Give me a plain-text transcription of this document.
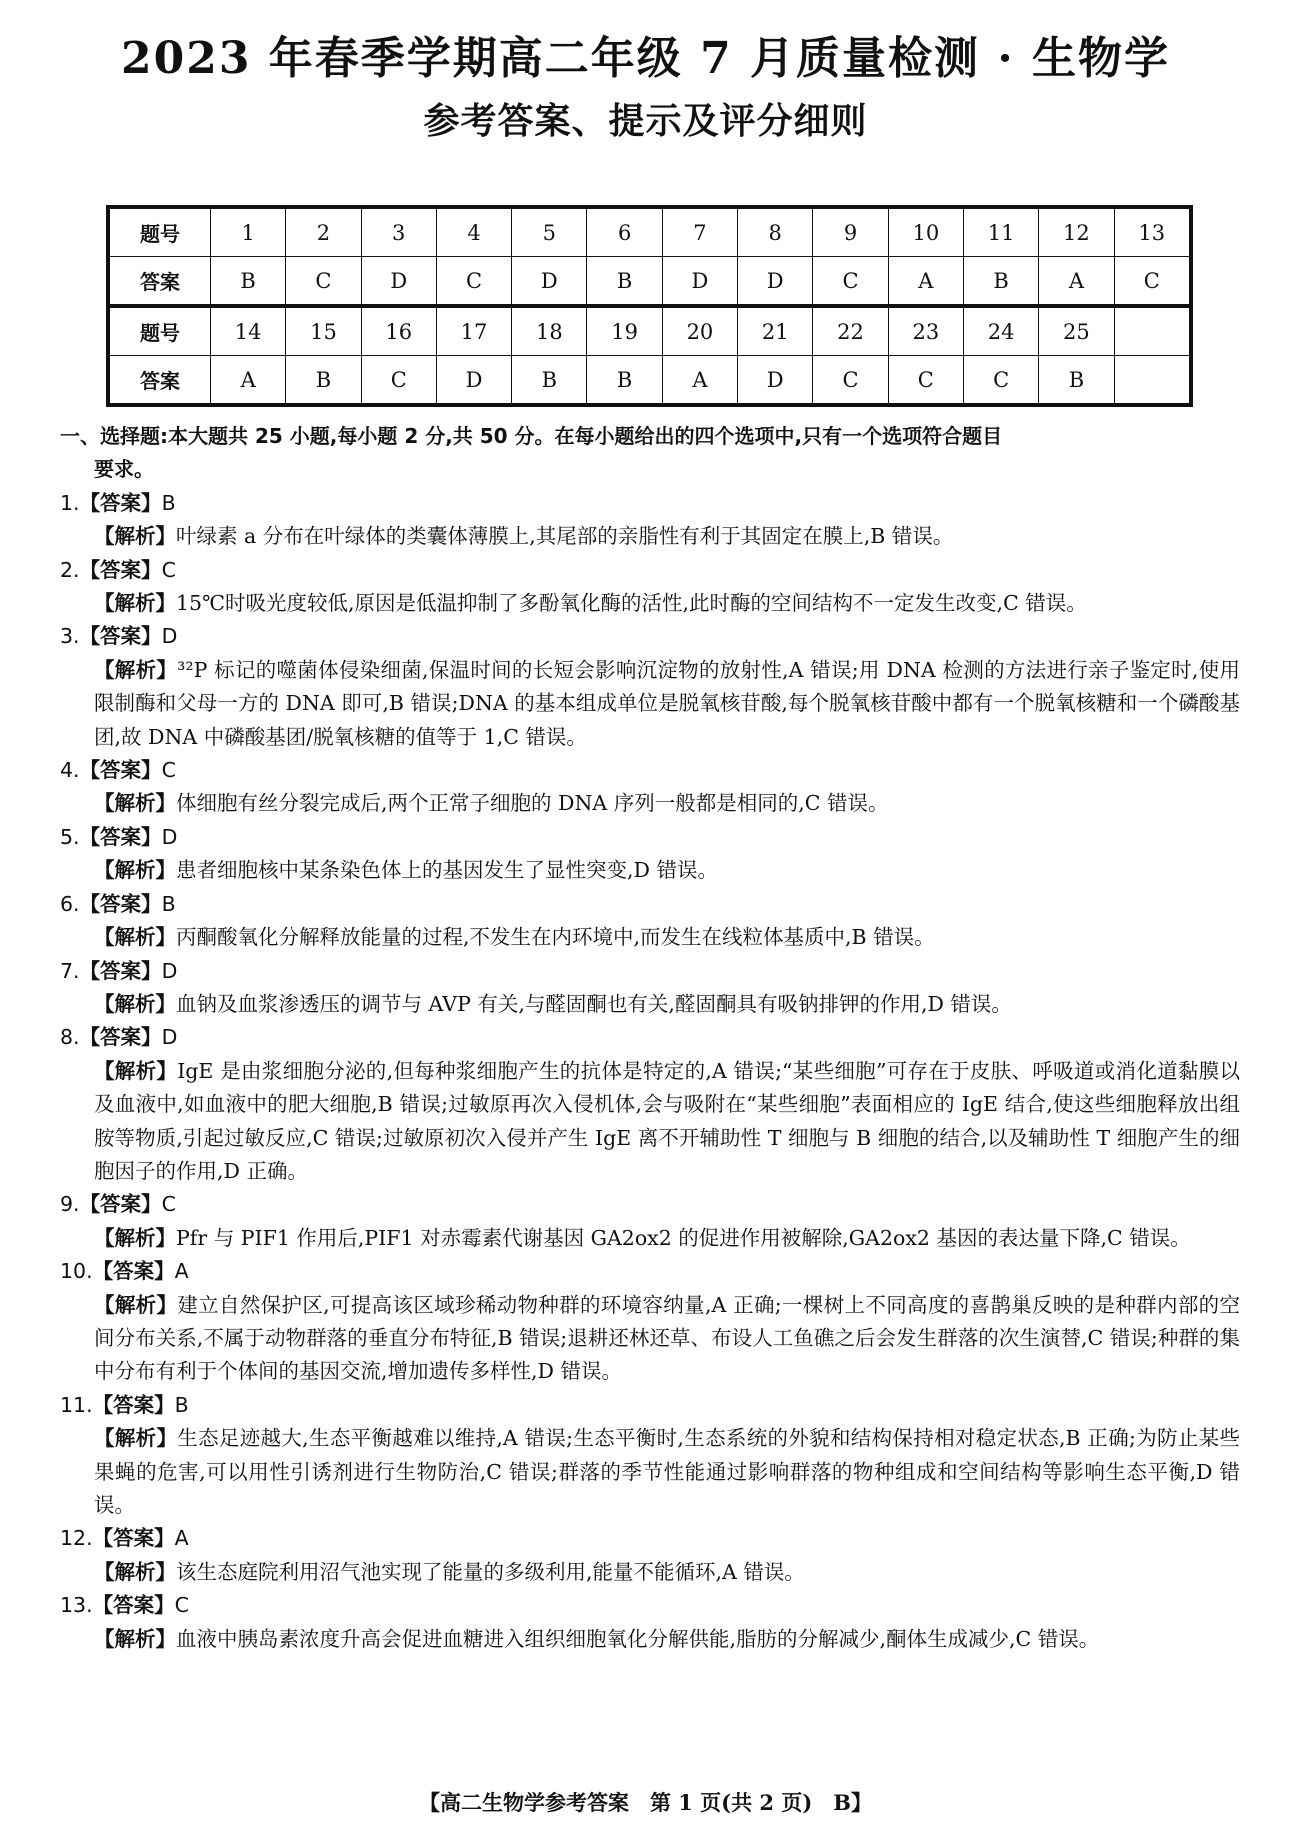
2023 年春季学期高二年级 7 月质量检测 · 生物学
参考答案、提示及评分细则
题号	1	2	3	4	5	6	7	8	9	10	11	12	13
答案	B	C	D	C	D	B	D	D	C	A	B	A	C
题号	14	15	16	17	18	19	20	21	22	23	24	25	
答案	A	B	C	D	B	B	A	D	C	C	C	B	
一、选择题:本大题共 25 小题,每小题 2 分,共 50 分。在每小题给出的四个选项中,只有一个选项符合题目
要求。
1.【答案】B
【解析】叶绿素 a 分布在叶绿体的类囊体薄膜上,其尾部的亲脂性有利于其固定在膜上,B 错误。
2.【答案】C
【解析】15℃时吸光度较低,原因是低温抑制了多酚氧化酶的活性,此时酶的空间结构不一定发生改变,C 错误。
3.【答案】D
【解析】³²P 标记的噬菌体侵染细菌,保温时间的长短会影响沉淀物的放射性,A 错误;用 DNA 检测的方法进行亲子鉴定时,使用限制酶和父母一方的 DNA 即可,B 错误;DNA 的基本组成单位是脱氧核苷酸,每个脱氧核苷酸中都有一个脱氧核糖和一个磷酸基团,故 DNA 中磷酸基团/脱氧核糖的值等于 1,C 错误。
4.【答案】C
【解析】体细胞有丝分裂完成后,两个正常子细胞的 DNA 序列一般都是相同的,C 错误。
5.【答案】D
【解析】患者细胞核中某条染色体上的基因发生了显性突变,D 错误。
6.【答案】B
【解析】丙酮酸氧化分解释放能量的过程,不发生在内环境中,而发生在线粒体基质中,B 错误。
7.【答案】D
【解析】血钠及血浆渗透压的调节与 AVP 有关,与醛固酮也有关,醛固酮具有吸钠排钾的作用,D 错误。
8.【答案】D
【解析】IgE 是由浆细胞分泌的,但每种浆细胞产生的抗体是特定的,A 错误;“某些细胞”可存在于皮肤、呼吸道或消化道黏膜以及血液中,如血液中的肥大细胞,B 错误;过敏原再次入侵机体,会与吸附在“某些细胞”表面相应的 IgE 结合,使这些细胞释放出组胺等物质,引起过敏反应,C 错误;过敏原初次入侵并产生 IgE 离不开辅助性 T 细胞与 B 细胞的结合,以及辅助性 T 细胞产生的细胞因子的作用,D 正确。
9.【答案】C
【解析】Pfr 与 PIF1 作用后,PIF1 对赤霉素代谢基因 GA2ox2 的促进作用被解除,GA2ox2 基因的表达量下降,C 错误。
10.【答案】A
【解析】建立自然保护区,可提高该区域珍稀动物种群的环境容纳量,A 正确;一棵树上不同高度的喜鹊巢反映的是种群内部的空间分布关系,不属于动物群落的垂直分布特征,B 错误;退耕还林还草、布设人工鱼礁之后会发生群落的次生演替,C 错误;种群的集中分布有利于个体间的基因交流,增加遗传多样性,D 错误。
11.【答案】B
【解析】生态足迹越大,生态平衡越难以维持,A 错误;生态平衡时,生态系统的外貌和结构保持相对稳定状态,B 正确;为防止某些果蝇的危害,可以用性引诱剂进行生物防治,C 错误;群落的季节性能通过影响群落的物种组成和空间结构等影响生态平衡,D 错误。
12.【答案】A
【解析】该生态庭院利用沼气池实现了能量的多级利用,能量不能循环,A 错误。
13.【答案】C
【解析】血液中胰岛素浓度升高会促进血糖进入组织细胞氧化分解供能,脂肪的分解减少,酮体生成减少,C 错误。
【高二生物学参考答案　第 1 页(共 2 页)　B】
